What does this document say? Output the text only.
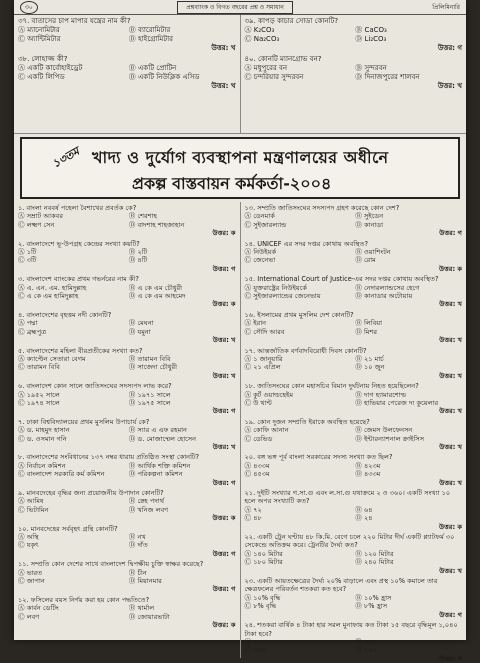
৩০	প্রশ্নব্যাংক ও বিগত বছরের প্রশ্ন ও সমাধান	প্রিলিমিনারি
৩৭. বাতাসের চাপ মাপার যন্ত্রের নাম কী?
Ⓐ ম্যানোমিটার	Ⓑ ব্যারোমিটার
Ⓒ অ্যান্টিমিটার	Ⓓ হাইগ্রোমিটার
উত্তর: খ
৩৮. লোহাজ্জ কী?
Ⓐ একটি কার্বোহাইড্রেট	Ⓑ একটি প্রোটিন
Ⓒ একটি লিপিড	Ⓓ একটি নিউক্লিক এসিড
উত্তর: খ
৩৯. কাপড় কাচার সোডা কোনটি?
Ⓐ K₂CO₃	Ⓑ CaCO₃
Ⓒ Na₂CO₃	Ⓓ Li₂CO₃
উত্তর: গ
৪০. কোনটি ম্যানগ্রোভ বন?
Ⓐ মধুপুরের বন	Ⓑ সুন্দরবন
Ⓒ চন্দরিয়ার সুন্দরবন	Ⓓ দিনাজপুরের শালবন
উত্তর: খ
১৩তম খাদ্য ও দুর্যোগ ব্যবস্থাপনা মন্ত্রণালয়ের অধীনে
প্রকল্প বাস্তবায়ন কর্মকর্তা-২০০৪
১. বাংলা নববর্ষ পহেলা বৈশাখের প্রবর্তক কে?
Ⓐ সম্রাট আকবর	Ⓑ শেরশাহ
Ⓒ লক্ষ্মণ সেন	Ⓓ বাদশাহ শাহজাহান
উত্তর: ক
২. বাংলাদেশে ভূ-উপগ্রহ কেন্দ্রের সংখ্যা কয়টি?
Ⓐ ১টি	Ⓑ ২টি
Ⓒ ৩টি	Ⓓ ৪টি
উত্তর: গ
৩. বাংলাদেশ ব্যাংকের প্রথম গভর্নরের নাম কী?
Ⓐ এ. এন. এম. হামিদুল্লাহ	Ⓑ এ কে এম চৌধুরী
Ⓒ এ কে এম হামিদুল্লাহ	Ⓓ এ কে এম আহমেদ
উত্তর: ক
৪. বাংলাদেশের বৃহত্তম নদী কোনটি?
Ⓐ পদ্মা	Ⓑ মেঘনা
Ⓒ ব্রহ্মপুত্র	Ⓓ যমুনা
উত্তর: খ
৫. বাংলাদেশের মহিলা বীরপ্রতীকের সংখ্যা কত?
Ⓐ ক্যাপ্টেন সেতারা বেগম	Ⓑ তারামন বিবি
Ⓒ তারামন বিবি	Ⓓ সাজেদা চৌধুরী
উত্তর: খ
৬. বাংলাদেশ কোন সালে জাতিসংঘের সদস্যপদ লাভ করে?
Ⓐ ১৯৫২ সালে	Ⓑ ১৯৭১ সালে
Ⓒ ১৯৭৪ সালে	Ⓓ ১৯৭৫ সালে
উত্তর: গ
৭. ঢাকা বিশ্ববিদ্যালয়ের প্রথম মুসলিম উপাচার্য কে?
Ⓐ ড. মাহমুদ হাসান	Ⓑ স্যার এ এফ রহমান
Ⓒ ড. ওসমান গনি	Ⓓ ড. মোজাম্মেল হোসেন
উত্তর: খ
৮. বাংলাদেশের সংবিধানের ১৩৭ নম্বর ধারায় প্রতিষ্ঠিত সংস্থা কোনটি?
Ⓐ নির্বাচন কমিশন	Ⓑ আর্থিক শক্তি কমিশন
Ⓒ বাংলাদেশ সরকারি কর্ম কমিশন	Ⓓ পরিকল্পনা কমিশন
উত্তর: গ
৯. মানবদেহের বৃদ্ধির জন্য প্রয়োজনীয় উপাদান কোনটি?
Ⓐ আমিষ	Ⓑ স্নেহ পদার্থ
Ⓒ ভিটামিন	Ⓓ খনিজ লবণ
উত্তর: ক
১০. মানবদেহের সর্ববৃহৎ গ্রন্থি কোনটি?
Ⓐ অস্থি	Ⓑ নখ
Ⓒ যকৃৎ	Ⓓ দাঁত
উত্তর: গ
১১. সম্প্রতি কোন দেশের সাথে বাংলাদেশ দ্বিপক্ষীয় চুক্তি স্বাক্ষর করেছে?
Ⓐ ভারত	Ⓑ চীন
Ⓒ জাপান	Ⓓ মিয়ানমার
উত্তর: গ
১২. ফসিলের বয়স নির্ণয় করা হয় কোন পদ্ধতিতে?
Ⓐ কার্বন ডেটিং	Ⓑ থার্মাল
Ⓒ লবণ	Ⓓ জোয়ারভাটা
উত্তর: ক
১৩. সম্প্রতি জাতিসংঘের সদস্যপদ গ্রহণ করেছে কোন দেশ?
Ⓐ ডেনমার্ক	Ⓑ সুইডেন
Ⓒ সুইজারল্যান্ড	Ⓓ কানাডা
উত্তর: গ
১৪. UNICEF এর সদর দপ্তর কোথায় অবস্থিত?
Ⓐ নিউইয়র্ক	Ⓑ ওয়াশিংটন
Ⓒ জেনেভা	Ⓓ রোম
উত্তর: ক
১৫. International Court of Justice-এর সদর দপ্তর কোথায় অবস্থিত?
Ⓐ যুক্তরাষ্ট্রের নিউইয়র্কে	Ⓑ নেদারল্যান্ডসের হেগে
Ⓒ সুইজারল্যান্ডের জেনেভায়	Ⓓ কানাডার অটোয়ায়
উত্তর: খ
১৬. ইসলামের প্রথম মুসলিম দেশ কোনটি?
Ⓐ ইরান	Ⓑ লিবিয়া
Ⓒ সৌদি আরব	Ⓓ মিশর
উত্তর: খ
১৭. আন্তর্জাতিক বর্ণবাদবিরোধী দিবস কোনটি?
Ⓐ ১ জানুয়ারি	Ⓑ ২১ মার্চ
Ⓒ ২১ এপ্রিল	Ⓓ ১০ জুন
উত্তর: খ
১৮. জাতিসংঘের কোন মহাসচিব বিমান দুর্ঘটনায় নিহত হয়েছিলেন?
Ⓐ কুর্ট ওয়াল্ডহেইম	Ⓑ দাগ হ্যামারশোল্ড
Ⓒ উ থান্ট	Ⓓ হাভিয়ার পেরেজ দ্য কুয়েলার
উত্তর: খ
১৯. কোন দুজন সম্প্রতি ইরাকে অবস্থিত হয়েছে?
Ⓐ কোফি আনান	Ⓑ জেমস উলফেনসন
Ⓒ ডেভিড	Ⓓ ইন্টারন্যাশনাল ক্রাইসিস
উত্তর: খ
২০. বঙ্গ ভঙ্গ পূর্ব বাংলা সরকারের সদস্য সংখ্যা কত ছিল?
Ⓐ ৪৩৩ম	Ⓑ ৪২৩ম
Ⓒ ৪৫৩ম	Ⓓ ৪৩৩ম
উত্তর: খ
২১. দুইটি সংখ্যার গ.সা.গু এবং ল.সা.গু যথাক্রমে ২ ও ৩৬০। একটি সংখ্যা ১০ হলে অপর সংখ্যাটি কত?
Ⓐ ৭২	Ⓑ ৬৪
Ⓒ ৪৮	Ⓓ ২৪
উত্তর: ক
২২. একটি ট্রেন ঘণ্টায় ৪৮ কি.মি. বেগে চলে ২২০ মিটার দীর্ঘ একটি প্ল্যাটফর্ম ৩০ সেকেন্ডে অতিক্রম করে। ট্রেনটির দৈর্ঘ্য কত?
Ⓐ ১৪০ মিটার	Ⓑ ১২০ মিটার
Ⓒ ১৮০ মিটার	Ⓓ ২৪০ মিটার
উত্তর: খ
২৩. একটি আয়তক্ষেত্রের দৈর্ঘ্য ২০% বাড়ালে এবং প্রস্থ ১০% কমালে তার ক্ষেত্রফলের পরিবর্তন শতকরা কত হবে?
Ⓐ ১০% বৃদ্ধি	Ⓑ ১০% হ্রাস
Ⓒ ৮% বৃদ্ধি	Ⓓ ৮% হ্রাস
উত্তর: গ
২৪. শতকরা বার্ষিক ৪ টাকা হার সরল মুনাফায় কত টাকা ১৫ বছরে বৃদ্ধিমূল ১,০৪০ টাকা হবে?
Ⓐ ৫৫০	Ⓑ ৬০০
Ⓒ ৬৫০	Ⓓ ৭০০
উত্তর: গ
